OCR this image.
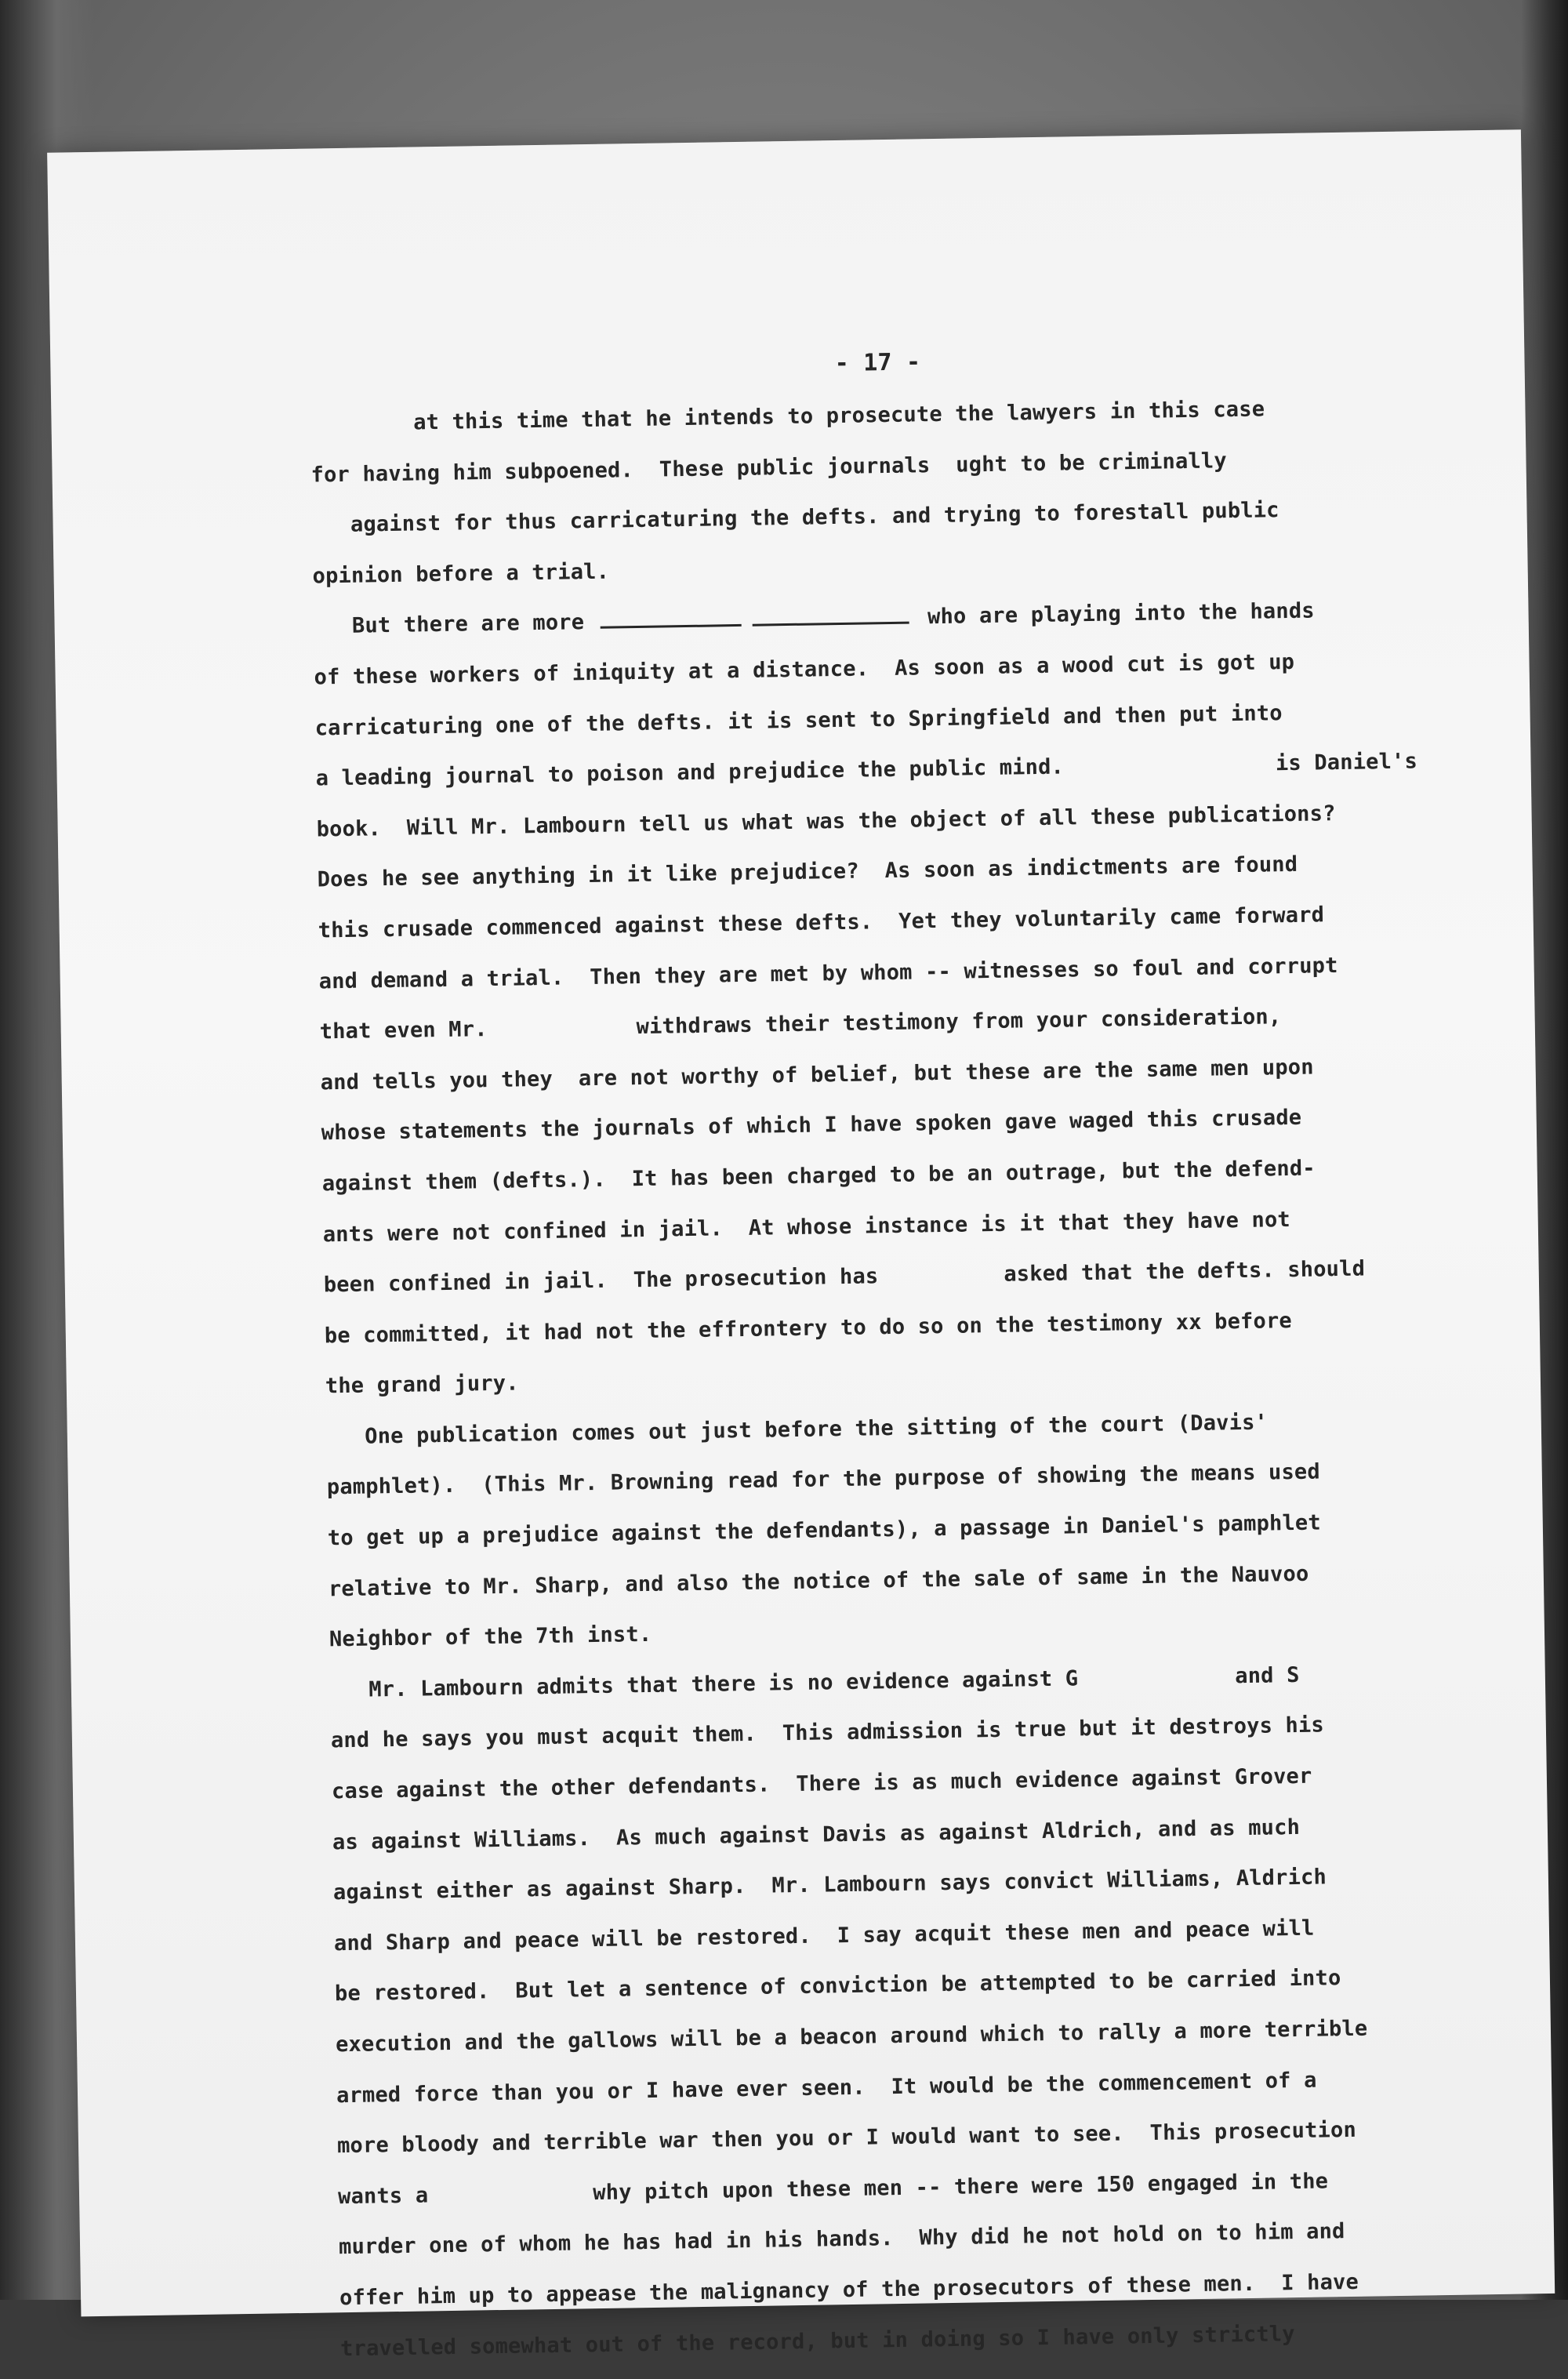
- 17 -
at this time that he intends to prosecute the lawyers in this case
for having him subpoened.  These public journals  ught to be criminally
against for thus carricaturing the defts. and trying to forestall public
opinion before a trial.
But there are more	who are playing into the hands
of these workers of iniquity at a distance.  As soon as a wood cut is got up
carricaturing one of the defts. it is sent to Springfield and then put into
a leading journal to poison and prejudice the public mind.	is Daniel's
book.  Will Mr. Lambourn tell us what was the object of all these publications?
Does he see anything in it like prejudice?  As soon as indictments are found
this crusade commenced against these defts.  Yet they voluntarily came forward
and demand a trial.  Then they are met by whom -- witnesses so foul and corrupt
that even Mr.	withdraws their testimony from your consideration,
and tells you they  are not worthy of belief, but these are the same men upon
whose statements the journals of which I have spoken gave waged this crusade
against them (defts.).  It has been charged to be an outrage, but the defend-
ants were not confined in jail.  At whose instance is it that they have not
been confined in jail.  The prosecution has	asked that the defts. should
be committed, it had not the effrontery to do so on the testimony xx before
the grand jury.
One publication comes out just before the sitting of the court (Davis'
pamphlet).  (This Mr. Browning read for the purpose of showing the means used
to get up a prejudice against the defendants), a passage in Daniel's pamphlet
relative to Mr. Sharp, and also the notice of the sale of same in the Nauvoo
Neighbor of the 7th inst.
Mr. Lambourn admits that there is no evidence against G	and S
and he says you must acquit them.  This admission is true but it destroys his
case against the other defendants.  There is as much evidence against Grover
as against Williams.  As much against Davis as against Aldrich, and as much
against either as against Sharp.  Mr. Lambourn says convict Williams, Aldrich
and Sharp and peace will be restored.  I say acquit these men and peace will
be restored.  But let a sentence of conviction be attempted to be carried into
execution and the gallows will be a beacon around which to rally a more terrible
armed force than you or I have ever seen.  It would be the commencement of a
more bloody and terrible war then you or I would want to see.  This prosecution
wants a	why pitch upon these men -- there were 150 engaged in the
murder one of whom he has had in his hands.  Why did he not hold on to him and
offer him up to appease the malignancy of the prosecutors of these men.  I have
travelled somewhat out of the record, but in doing so I have only strictly
